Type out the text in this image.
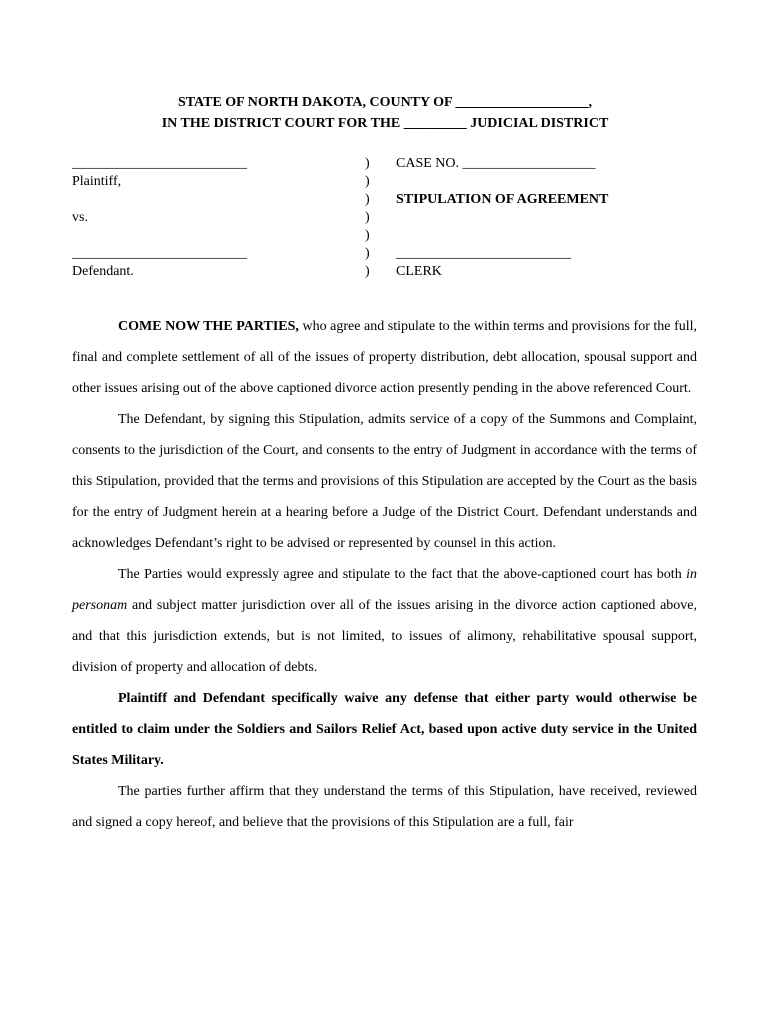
STATE OF NORTH DAKOTA, COUNTY OF ___________________,
IN THE DISTRICT COURT FOR THE _________ JUDICIAL DISTRICT
_________________________
Plaintiff,
vs.
_________________________
Defendant.
)
)
)
)
)
)
)
CASE NO. ___________________
STIPULATION OF AGREEMENT
_________________________
CLERK

COME NOW THE PARTIES, who agree and stipulate to the within terms and provisions for the full, final and complete settlement of all of the issues of property distribution, debt allocation, spousal support and other issues arising out of the above captioned divorce action presently pending in the above referenced Court.

The Defendant, by signing this Stipulation, admits service of a copy of the Summons and Complaint, consents to the jurisdiction of the Court, and consents to the entry of Judgment in accordance with the terms of this Stipulation, provided that the terms and provisions of this Stipulation are accepted by the Court as the basis for the entry of Judgment herein at a hearing before a Judge of the District Court. Defendant understands and acknowledges Defendant’s right to be advised or represented by counsel in this action.

The Parties would expressly agree and stipulate to the fact that the above-captioned court has both in personam and subject matter jurisdiction over all of the issues arising in the divorce action captioned above, and that this jurisdiction extends, but is not limited, to issues of alimony, rehabilitative spousal support, division of property and allocation of debts.

Plaintiff and Defendant specifically waive any defense that either party would otherwise be entitled to claim under the Soldiers and Sailors Relief Act, based upon active duty service in the United States Military.

The parties further affirm that they understand the terms of this Stipulation, have received, reviewed and signed a copy hereof, and believe that the provisions of this Stipulation are a full, fair
